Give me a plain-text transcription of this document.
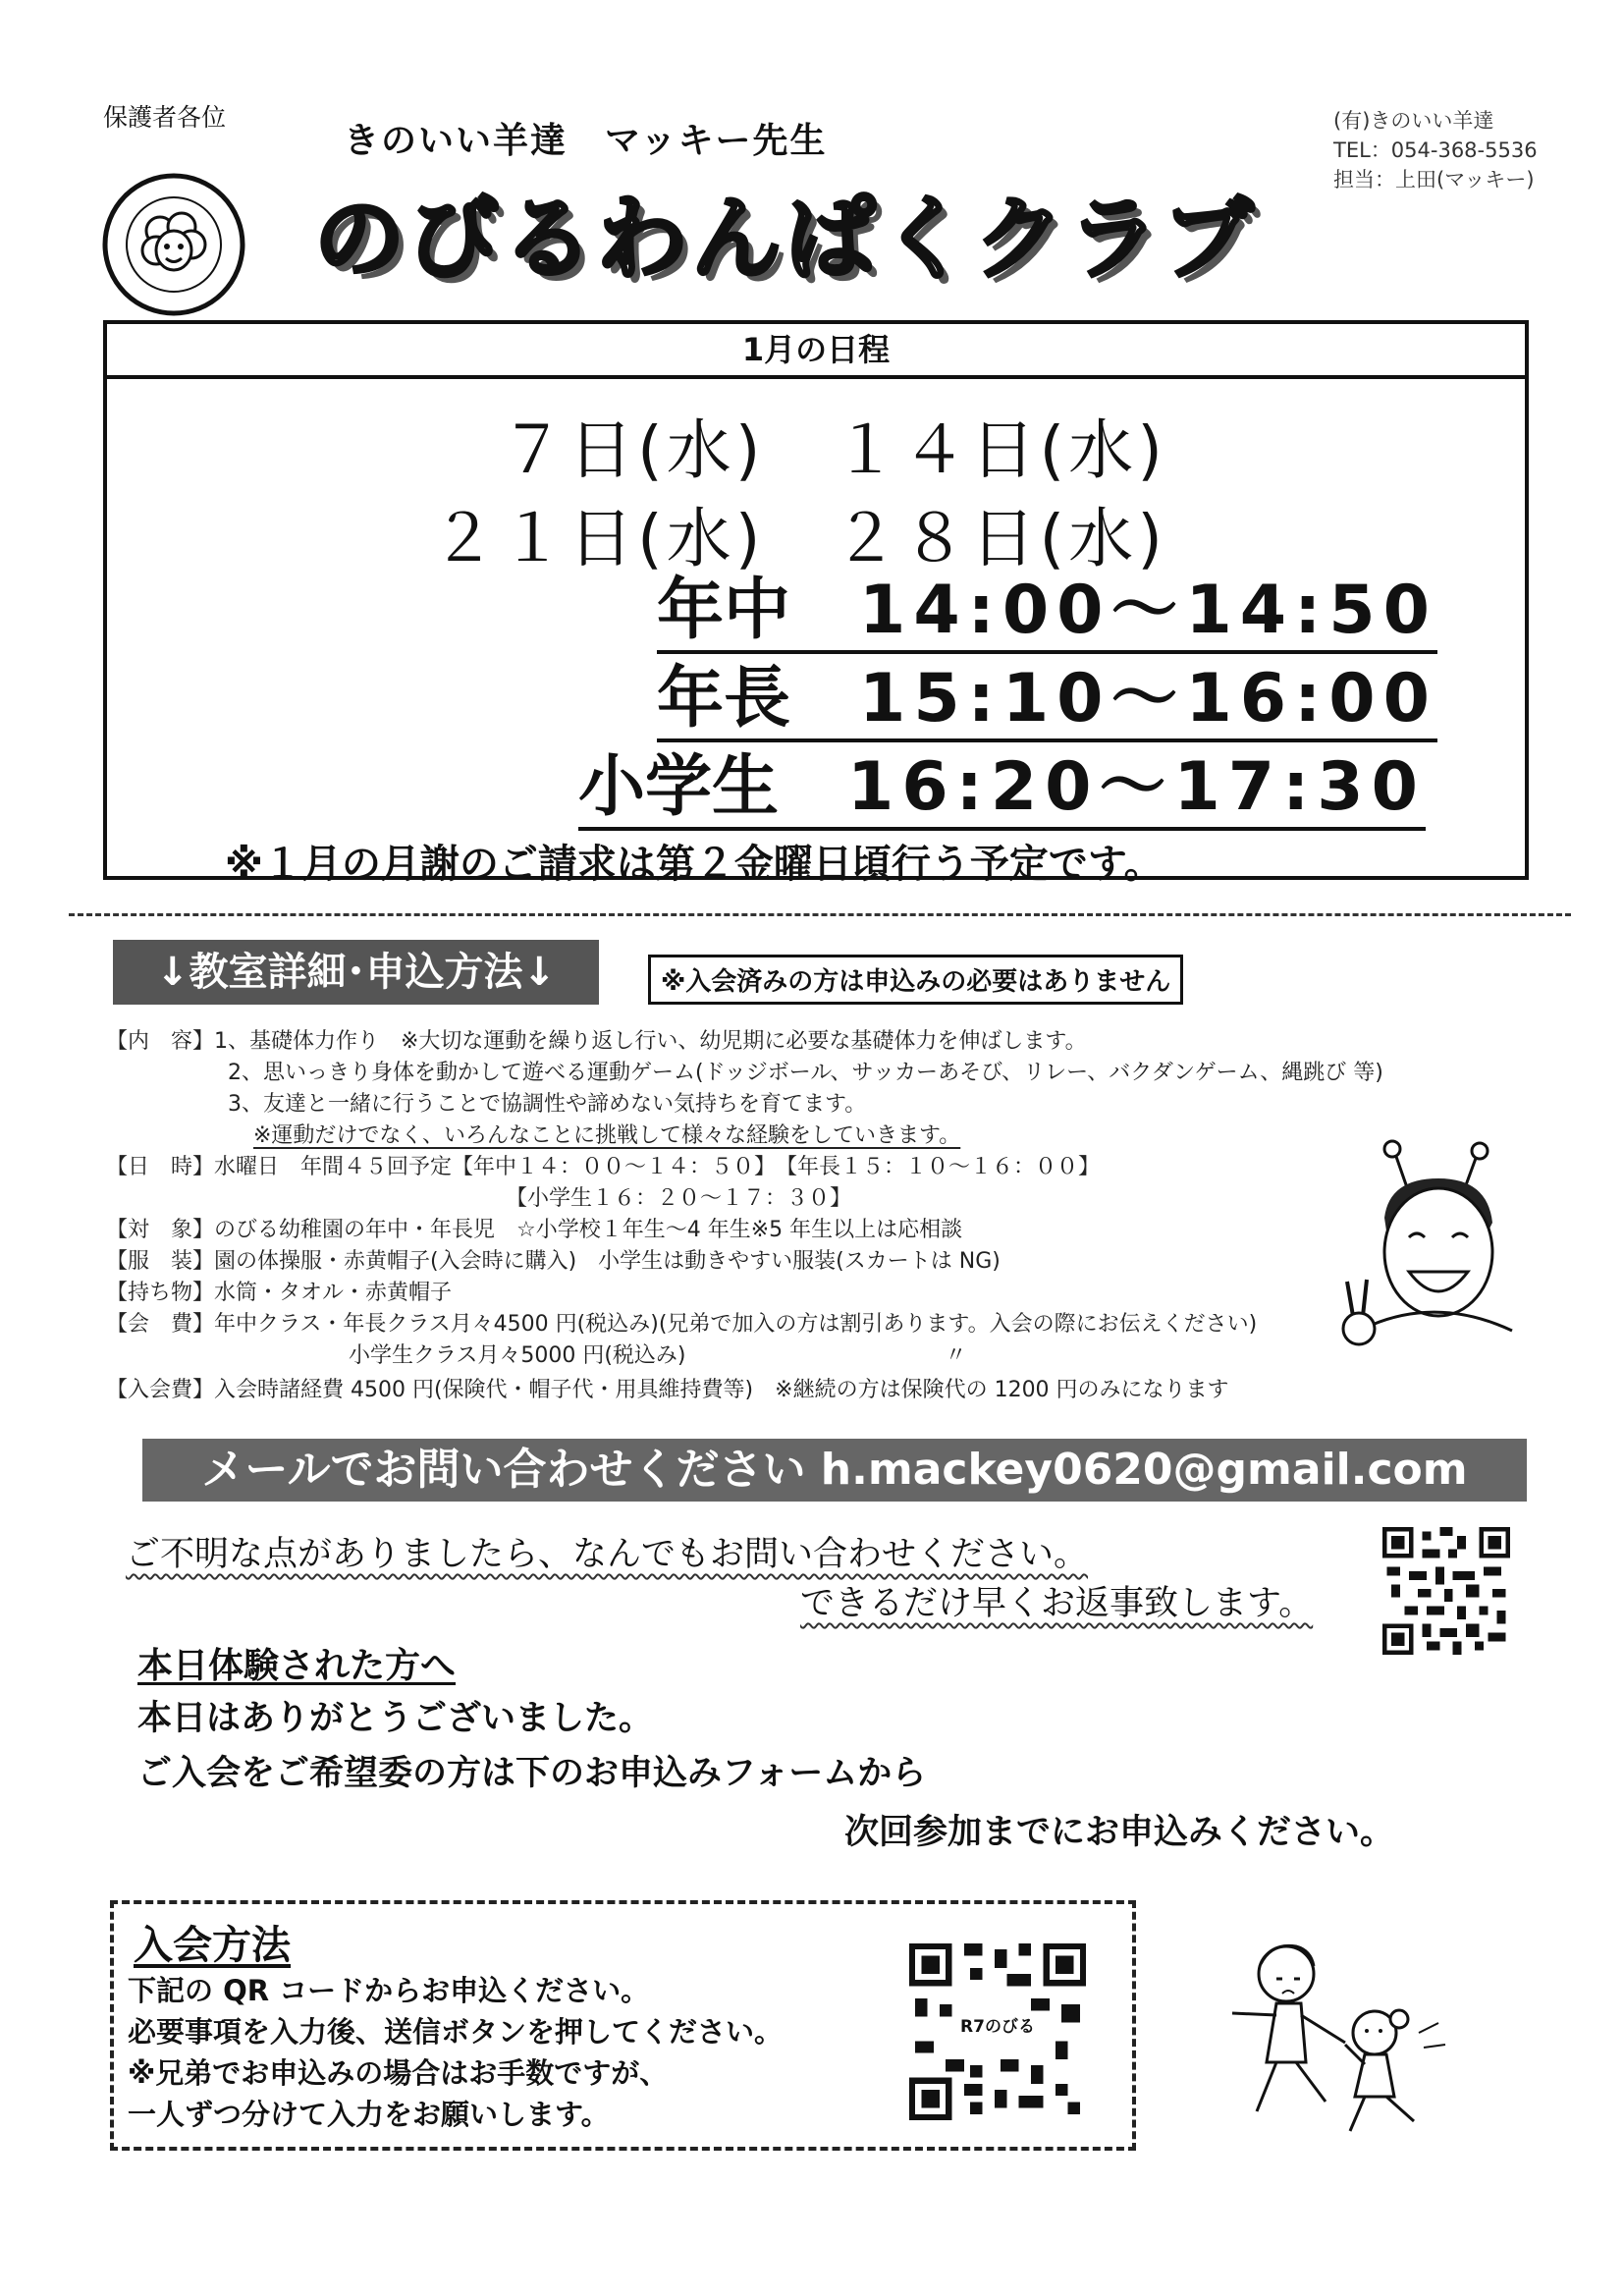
保護者各位
きのいい羊達　マッキー先生	(有)きのいい羊達
TEL：054-368-5536
担当：上田(マッキー)
のびるわんぱくクラブ
1月の日程
７日(水)　１４日(水)
２１日(水)　２８日(水)
年中 14:00〜14:50
年長 15:10〜16:00
小学生 16:20〜17:30
※１月の月謝のご請求は第２金曜日頃行う予定です。
↓教室詳細･申込方法↓	※入会済みの方は申込みの必要はありません
【内　容】1、基礎体力作り　※大切な運動を繰り返し行い、幼児期に必要な基礎体力を伸ばします。
2、思いっきり身体を動かして遊べる運動ゲーム(ドッジボール、サッカーあそび、リレー、バクダンゲーム、縄跳び 等)
3、友達と一緒に行うことで協調性や諦めない気持ちを育てます。
※運動だけでなく、いろんなことに挑戦して様々な経験をしていきます。
【日　時】水曜日　年間４５回予定【年中１４：００〜１４：５０】　【年長１５：１０〜１６：００】
【小学生１６：２０〜１７：３０】
【対　象】のびる幼稚園の年中・年長児　☆小学校１年生〜4 年生※5 年生以上は応相談
【服　装】園の体操服・赤黄帽子(入会時に購入)　小学生は動きやすい服装(スカートは NG)
【持ち物】水筒・タオル・赤黄帽子
【会　費】年中クラス・年長クラス月々4500 円(税込み)(兄弟で加入の方は割引あります。入会の際にお伝えください)
小学生クラス月々5000 円(税込み)　　　　　　　　　　　　〃
【入会費】入会時諸経費 4500 円(保険代・帽子代・用具維持費等)　※継続の方は保険代の 1200 円のみになります
メールでお問い合わせください h.mackey0620@gmail.com
ご不明な点がありましたら、なんでもお問い合わせください。
できるだけ早くお返事致します。
本日体験された方へ
本日はありがとうございました。
ご入会をご希望委の方は下のお申込みフォームから
次回参加までにお申込みください。
入会方法
下記の QR コードからお申込ください。
必要事項を入力後、送信ボタンを押してください。
※兄弟でお申込みの場合はお手数ですが、
一人ずつ分けて入力をお願いします。
R7のびる
